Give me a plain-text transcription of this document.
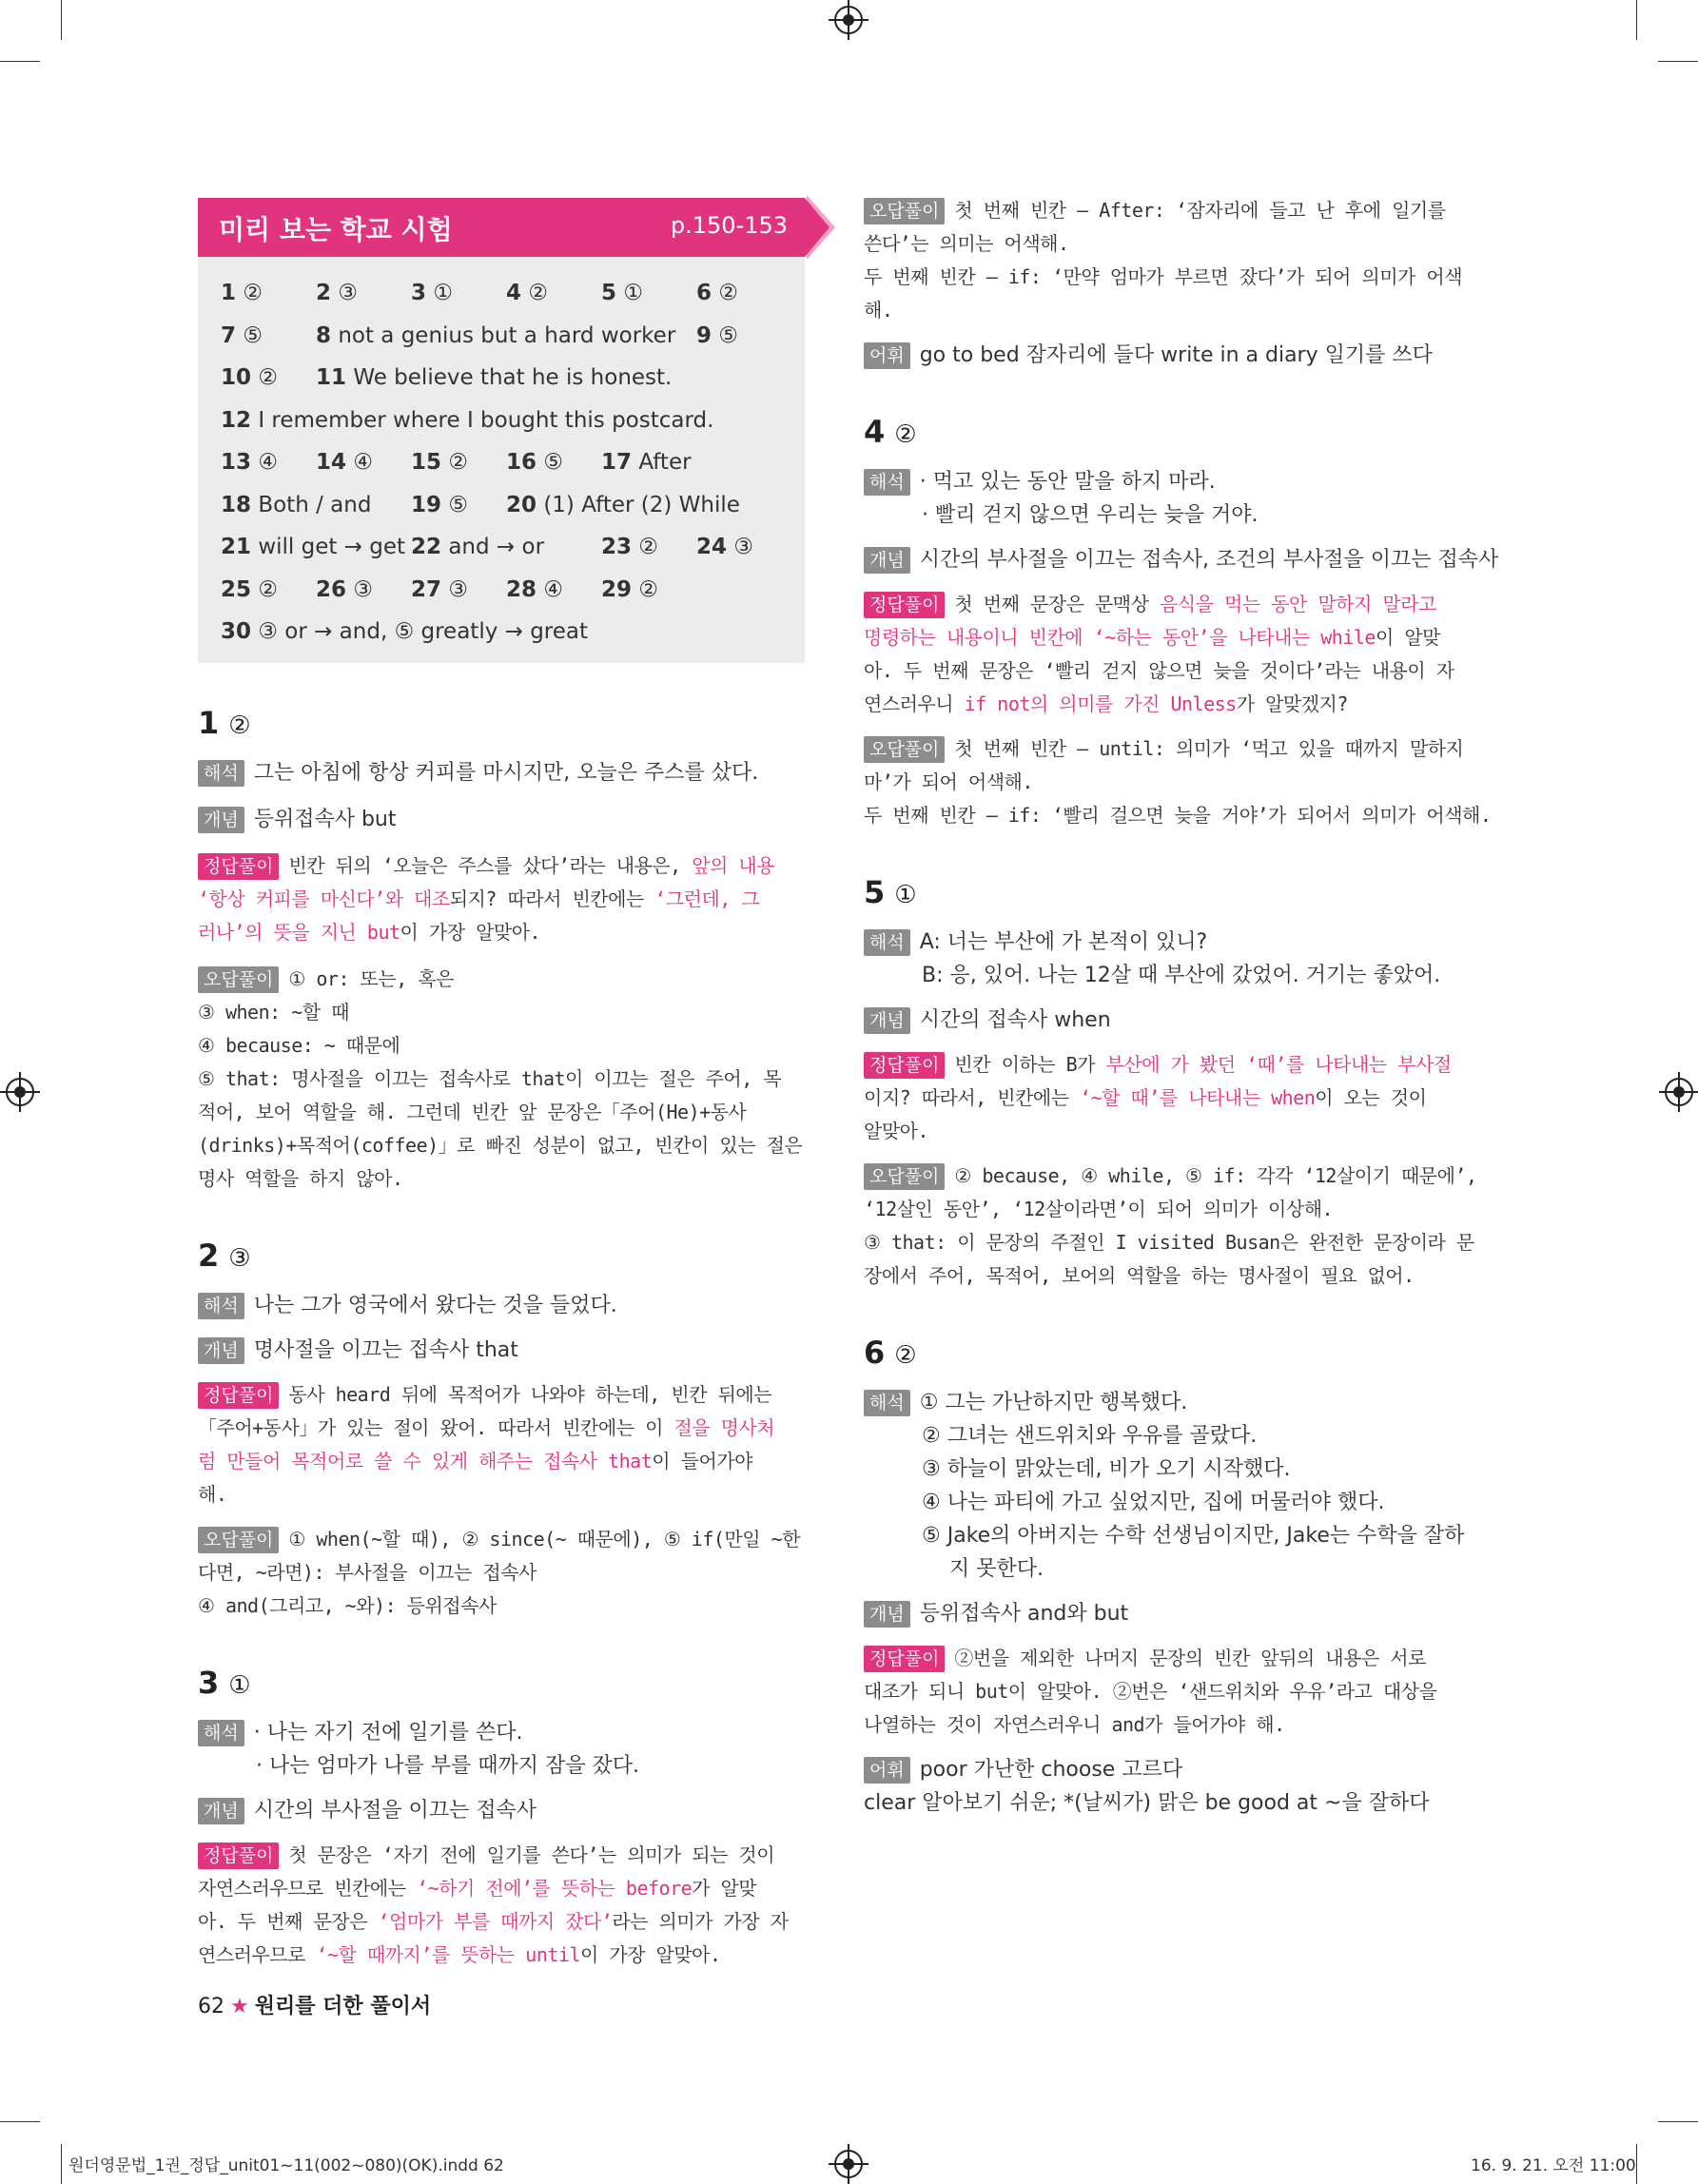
미리 보는 학교 시험	p.150-153
1 ② 2 ③ 3 ① 4 ② 5 ① 6 ②
7 ⑤ 8 not a genius but a hard worker 9 ⑤
10 ② 11 We believe that he is honest.
12 I remember where I bought this postcard.
13 ④ 14 ④ 15 ② 16 ⑤ 17 After
18 Both / and 19 ⑤ 20 (1) After (2) While
21 will get → get 22 and → or	23 ② 24 ③
25 ② 26 ③ 27 ③ 28 ④ 29 ②
30 ③ or → and, ⑤ greatly → great
1 ②
해석 그는 아침에 항상 커피를 마시지만, 오늘은 주스를 샀다.
개념 등위접속사 but
정답풀이 빈칸 뒤의 ‘오늘은 주스를 샀다’라는 내용은, 앞의 내용
‘항상 커피를 마신다’와 대조되지? 따라서 빈칸에는 ‘그런데, 그
러나’의 뜻을 지닌 but이 가장 알맞아.
오답풀이 ① or: 또는, 혹은
③ when: ~할 때
④ because: ~ 때문에
⑤ that: 명사절을 이끄는 접속사로 that이 이끄는 절은 주어, 목
적어, 보어 역할을 해. 그런데 빈칸 앞 문장은「주어(He)+동사
(drinks)+목적어(coffee)」로 빠진 성분이 없고, 빈칸이 있는 절은
명사 역할을 하지 않아.
2 ③
해석 나는 그가 영국에서 왔다는 것을 들었다.
개념 명사절을 이끄는 접속사 that
정답풀이 동사 heard 뒤에 목적어가 나와야 하는데, 빈칸 뒤에는
「주어+동사」가 있는 절이 왔어. 따라서 빈칸에는 이 절을 명사처
럼 만들어 목적어로 쓸 수 있게 해주는 접속사 that이 들어가야
해.
오답풀이 ① when(~할 때), ② since(~ 때문에), ⑤ if(만일 ~한
다면, ~라면): 부사절을 이끄는 접속사
④ and(그리고, ~와): 등위접속사
3 ①
해석 · 나는 자기 전에 일기를 쓴다.
· 나는 엄마가 나를 부를 때까지 잠을 잤다.
개념 시간의 부사절을 이끄는 접속사
정답풀이 첫 문장은 ‘자기 전에 일기를 쓴다’는 의미가 되는 것이
자연스러우므로 빈칸에는 ‘~하기 전에’를 뜻하는 before가 알맞
아. 두 번째 문장은 ‘엄마가 부를 때까지 잤다’라는 의미가 가장 자
연스러우므로 ‘~할 때까지’를 뜻하는 until이 가장 알맞아.
62 ★ 원리를 더한 풀이서
오답풀이 첫 번째 빈칸 – After: ‘잠자리에 들고 난 후에 일기를
쓴다’는 의미는 어색해.
두 번째 빈칸 – if: ‘만약 엄마가 부르면 잤다’가 되어 의미가 어색
해.
어휘 go to bed 잠자리에 들다 write in a diary 일기를 쓰다
4 ②
해석 · 먹고 있는 동안 말을 하지 마라.
· 빨리 걷지 않으면 우리는 늦을 거야.
개념 시간의 부사절을 이끄는 접속사, 조건의 부사절을 이끄는 접속사
정답풀이 첫 번째 문장은 문맥상 음식을 먹는 동안 말하지 말라고
명령하는 내용이니 빈칸에 ‘~하는 동안’을 나타내는 while이 알맞
아. 두 번째 문장은 ‘빨리 걷지 않으면 늦을 것이다’라는 내용이 자
연스러우니 if not의 의미를 가진 Unless가 알맞겠지?
오답풀이 첫 번째 빈칸 – until: 의미가 ‘먹고 있을 때까지 말하지
마’가 되어 어색해.
두 번째 빈칸 – if: ‘빨리 걸으면 늦을 거야’가 되어서 의미가 어색해.
5 ①
해석 A: 너는 부산에 가 본적이 있니?
B: 응, 있어. 나는 12살 때 부산에 갔었어. 거기는 좋았어.
개념 시간의 접속사 when
정답풀이 빈칸 이하는 B가 부산에 가 봤던 ‘때’를 나타내는 부사절
이지? 따라서, 빈칸에는 ‘~할 때’를 나타내는 when이 오는 것이
알맞아.
오답풀이 ② because, ④ while, ⑤ if: 각각 ‘12살이기 때문에’,
‘12살인 동안’, ‘12살이라면’이 되어 의미가 이상해.
③ that: 이 문장의 주절인 I visited Busan은 완전한 문장이라 문
장에서 주어, 목적어, 보어의 역할을 하는 명사절이 필요 없어.
6 ②
해석 ① 그는 가난하지만 행복했다.
② 그녀는 샌드위치와 우유를 골랐다.
③ 하늘이 맑았는데, 비가 오기 시작했다.
④ 나는 파티에 가고 싶었지만, 집에 머물러야 했다.
⑤ Jake의 아버지는 수학 선생님이지만, Jake는 수학을 잘하
지 못한다.
개념 등위접속사 and와 but
정답풀이 ②번을 제외한 나머지 문장의 빈칸 앞뒤의 내용은 서로
대조가 되니 but이 알맞아. ②번은 ‘샌드위치와 우유’라고 대상을
나열하는 것이 자연스러우니 and가 들어가야 해.
어휘 poor 가난한 choose 고르다
clear 알아보기 쉬운; *(날씨가) 맑은 be good at ~을 잘하다
원더영문법_1권_정답_unit01~11(002~080)(OK).indd 62	16. 9. 21. 오전 11:00
